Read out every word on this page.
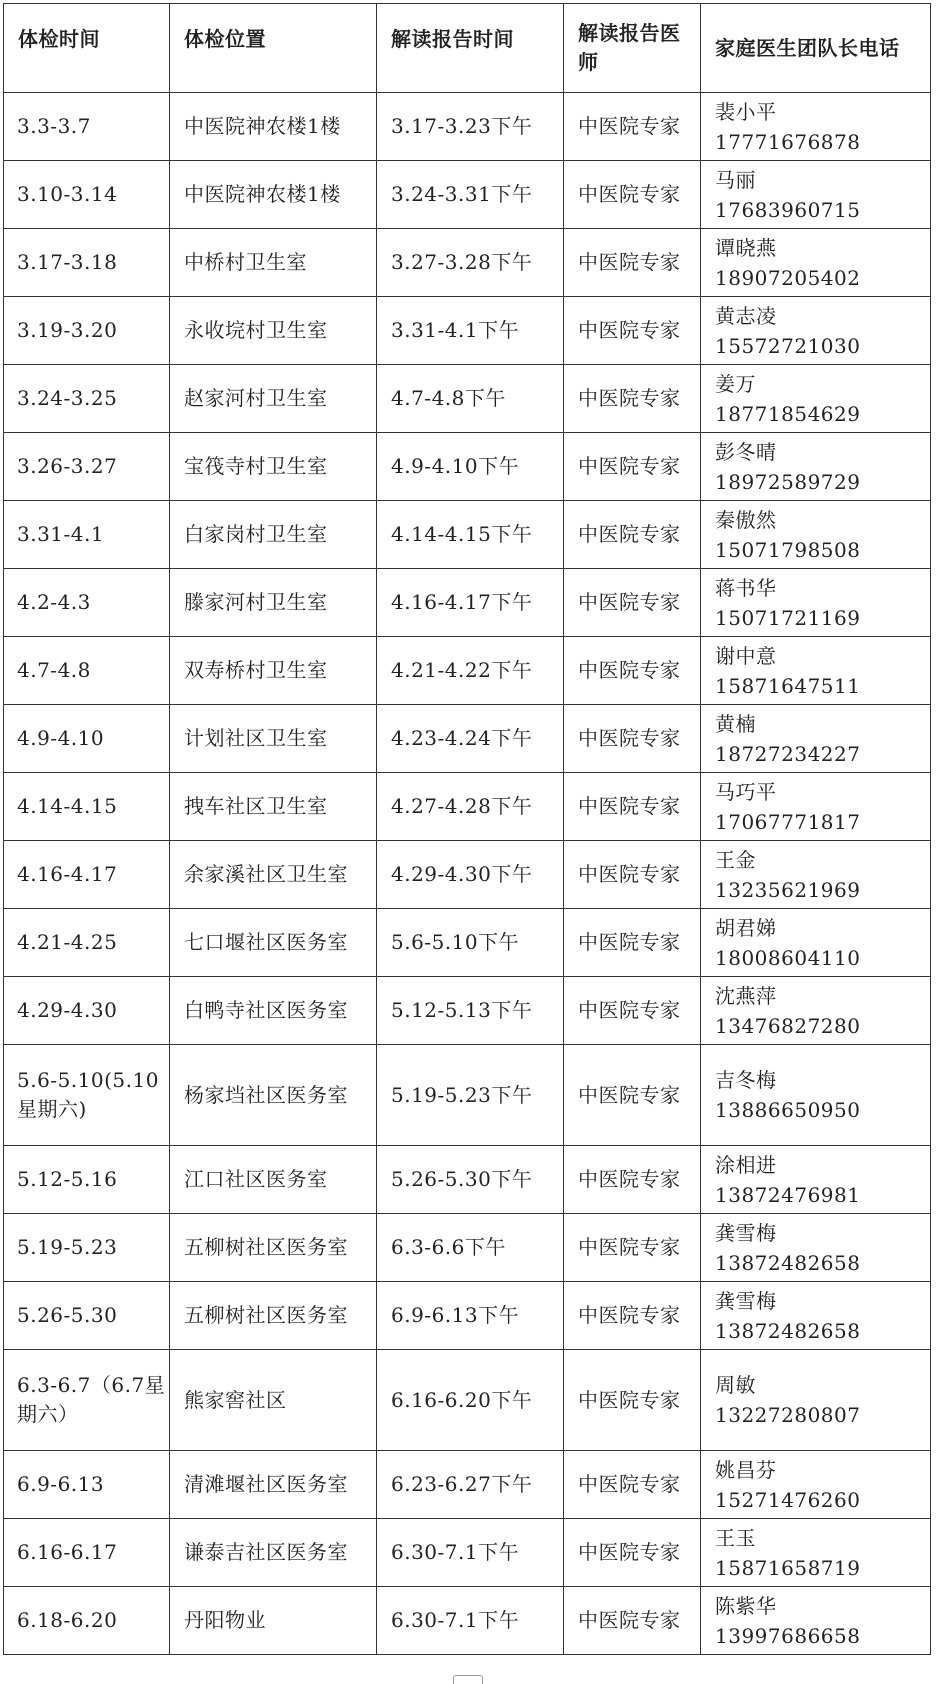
体检时间	体检位置	解读报告时间	解读报告医师	家庭医生团队长电话
3.3-3.7	中医院神农楼1楼	3.17-3.23下午	中医院专家	裴小平
17771676878

3.10-3.14	中医院神农楼1楼	3.24-3.31下午	中医院专家	马丽
17683960715

3.17-3.18	中桥村卫生室	3.27-3.28下午	中医院专家	谭晓燕
18907205402

3.19-3.20	永收垸村卫生室	3.31-4.1下午	中医院专家	黄志凌
15572721030

3.24-3.25	赵家河村卫生室	4.7-4.8下午	中医院专家	姜万
18771854629

3.26-3.27	宝筏寺村卫生室	4.9-4.10下午	中医院专家	彭冬晴
18972589729

3.31-4.1	白家岗村卫生室	4.14-4.15下午	中医院专家	秦傲然
15071798508

4.2-4.3	滕家河村卫生室	4.16-4.17下午	中医院专家	蒋书华
15071721169

4.7-4.8	双寿桥村卫生室	4.21-4.22下午	中医院专家	谢中意
15871647511

4.9-4.10	计划社区卫生室	4.23-4.24下午	中医院专家	黄楠
18727234227

4.14-4.15	拽车社区卫生室	4.27-4.28下午	中医院专家	马巧平
17067771817

4.16-4.17	余家溪社区卫生室	4.29-4.30下午	中医院专家	王金
13235621969

4.21-4.25	七口堰社区医务室	5.6-5.10下午	中医院专家	胡君娣
18008604110

4.29-4.30	白鸭寺社区医务室	5.12-5.13下午	中医院专家	沈燕萍
13476827280

5.6-5.10(5.10星期六)	杨家垱社区医务室	5.19-5.23下午	中医院专家	吉冬梅
13886650950

5.12-5.16	江口社区医务室	5.26-5.30下午	中医院专家	涂相进
13872476981

5.19-5.23	五柳树社区医务室	6.3-6.6下午	中医院专家	龚雪梅
13872482658

5.26-5.30	五柳树社区医务室	6.9-6.13下午	中医院专家	龚雪梅
13872482658

6.3-6.7（6.7星期六）	熊家窖社区	6.16-6.20下午	中医院专家	周敏
13227280807

6.9-6.13	清滩堰社区医务室	6.23-6.27下午	中医院专家	姚昌芬
15271476260

6.16-6.17	谦泰吉社区医务室	6.30-7.1下午	中医院专家	王玉
15871658719

6.18-6.20	丹阳物业	6.30-7.1下午	中医院专家	陈紫华
13997686658
